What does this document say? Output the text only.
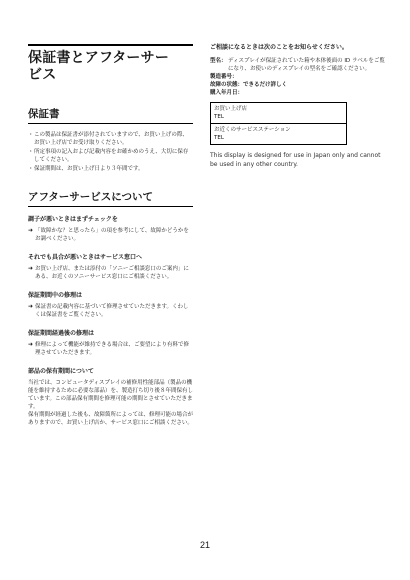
保証書とアフターサー
ビス
保証書
・ この製品は保証書が添付されていますので、お買い上げの際、お買い上げ店でお受け取りください。
・ 所定事項の記入および記載内容をお確かめのうえ、大切に保存してください。
・ 保証期間は、お買い上げ日より３年間です。
アフターサービスについて
調子が悪いときはまずチェックを

➜ 「故障かな？と思ったら」の項を参考にして、故障かどうかをお調べください。

それでも具合が悪いときはサービス窓口へ

➜ お買い上げ店、または添付の「ソニーご相談窓口のご案内」にある、お近くのソニーサービス窓口にご相談ください。

保証期間中の修理は

➜ 保証書の記載内容に基づいて修理させていただきます。くわしくは保証書をご覧ください。

保証期間経過後の修理は

➜ 修理によって機能が維持できる場合は、ご要望により有料で修理させていただきます。

部品の保有期間について

当社では、コンピュータディスプレイの補修用性能部品（製品の機能を維持するために必要な部品）を、製造打ち切り後８年間保有しています。この部品保有期間を修理可能の期間とさせていただきます。

保有期間が経過した後も、故障箇所によっては、修理可能の場合がありますので、お買い上げ店か、サービス窓口にご相談ください。

ご相談になるときは次のことをお知らせください。

型名： ディスプレイが保証されていた箱や本体後面の ID ラベルをご覧になり、お使いのディスプレイの型名をご確認ください。
製造番号：
故障の状態：できるだけ詳しく
購入年月日：
お買い上げ店
TEL
お近くのサービスステーション
TEL

This display is designed for use in Japan only and cannot be used in any other country.

21
